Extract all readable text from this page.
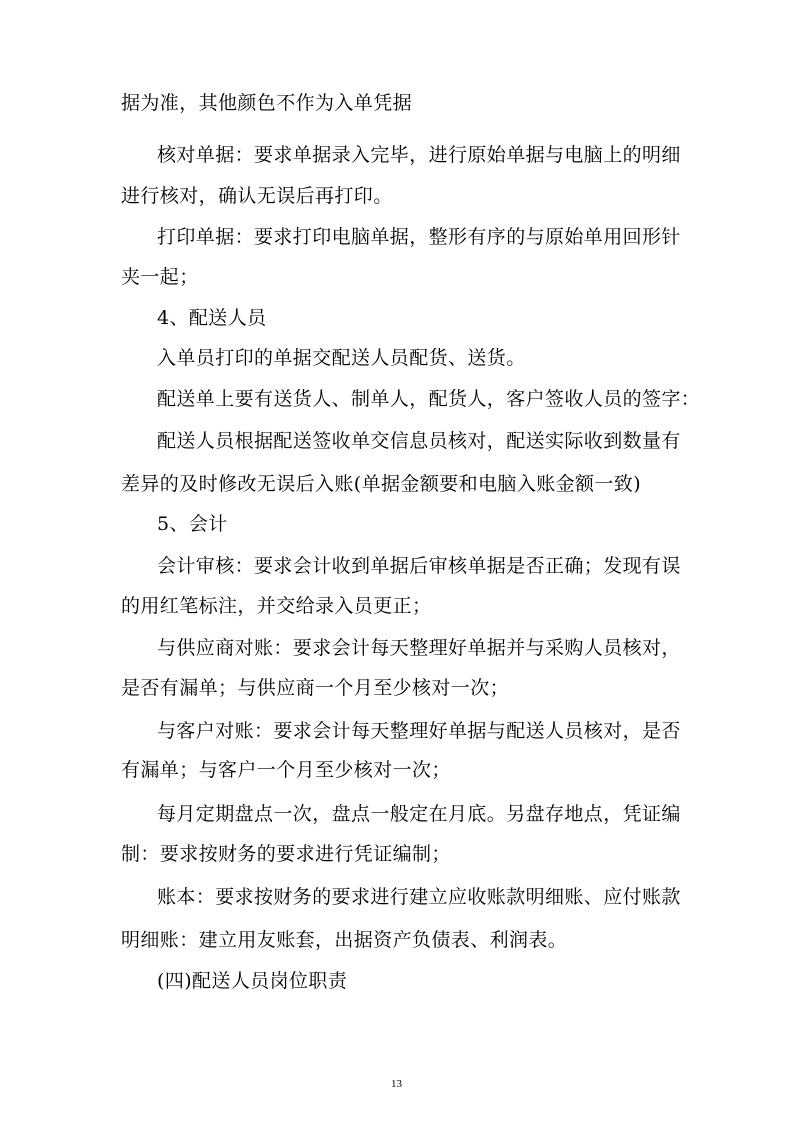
据为准，其他颜色不作为入单凭据
核对单据：要求单据录入完毕，进行原始单据与电脑上的明细
进行核对，确认无误后再打印。
打印单据：要求打印电脑单据，整形有序的与原始单用回形针
夹一起；
4、配送人员
入单员打印的单据交配送人员配货、送货。
配送单上要有送货人、制单人，配货人，客户签收人员的签字：
配送人员根据配送签收单交信息员核对，配送实际收到数量有
差异的及时修改无误后入账(单据金额要和电脑入账金额一致)
5、会计
会计审核：要求会计收到单据后审核单据是否正确；发现有误
的用红笔标注，并交给录入员更正；
与供应商对账：要求会计每天整理好单据并与采购人员核对，
是否有漏单；与供应商一个月至少核对一次；
与客户对账：要求会计每天整理好单据与配送人员核对，是否
有漏单；与客户一个月至少核对一次；
每月定期盘点一次，盘点一般定在月底。另盘存地点，凭证编
制：要求按财务的要求进行凭证编制；
账本：要求按财务的要求进行建立应收账款明细账、应付账款
明细账：建立用友账套，出据资产负债表、利润表。
(四)配送人员岗位职责
13
